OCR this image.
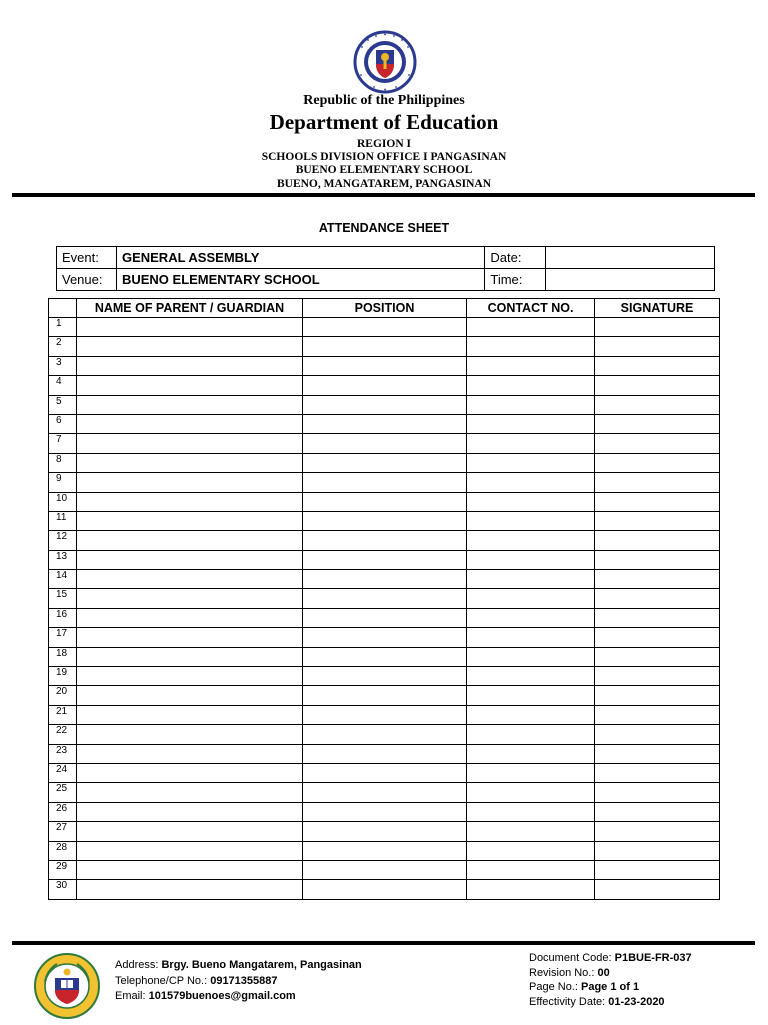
Republic of the Philippines
Department of Education
REGION I
SCHOOLS DIVISION OFFICE I PANGASINAN
BUENO ELEMENTARY SCHOOL
BUENO, MANGATAREM, PANGASINAN
ATTENDANCE SHEET
Event:	GENERAL ASSEMBLY	Date:	
Venue:	BUENO ELEMENTARY SCHOOL	Time:	
	NAME OF PARENT / GUARDIAN	POSITION	CONTACT NO.	SIGNATURE
1				
2				
3				
4				
5				
6				
7				
8				
9				
10				
11				
12				
13				
14				
15				
16				
17				
18				
19				
20				
21				
22				
23				
24				
25				
26				
27				
28				
29				
30				
Address: Brgy. Bueno Mangatarem, Pangasinan
Telephone/CP No.: 09171355887
Email: 101579buenoes@gmail.com
Document Code: P1BUE-FR-037
Revision No.: 00
Page No.: Page 1 of 1
Effectivity Date: 01-23-2020
